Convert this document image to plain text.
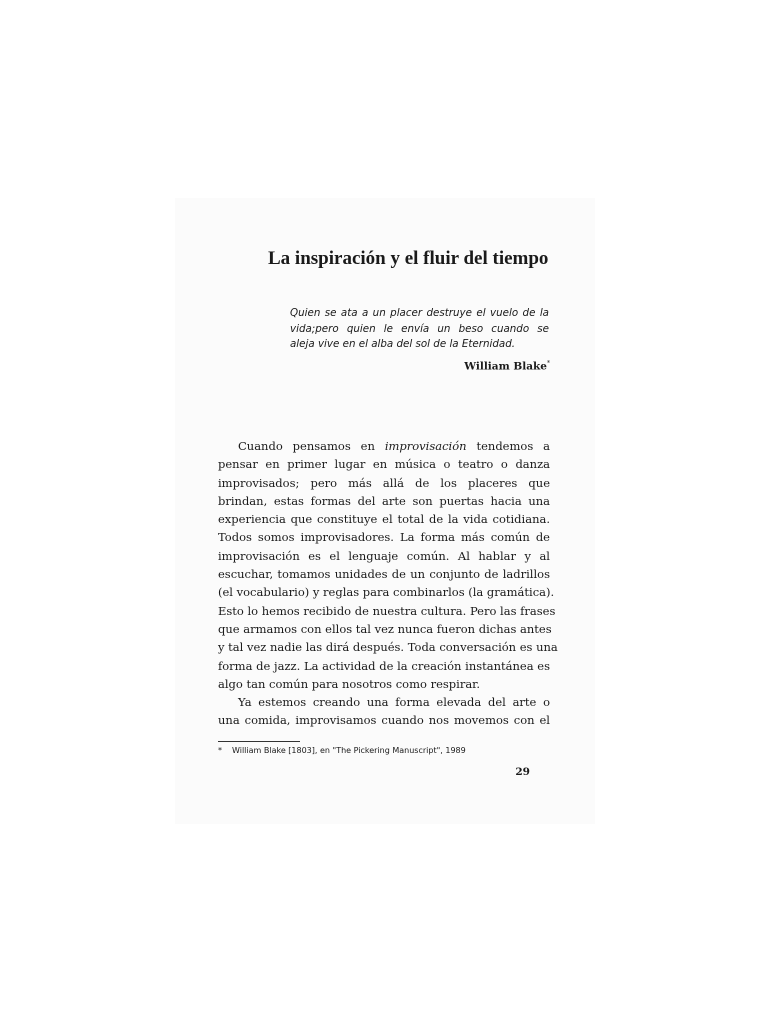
La inspiración y el fluir del tiempo
Quien se ata a un placer destruye el vuelo de la
vida;pero quien le envía un beso cuando se
aleja vive en el alba del sol de la Eternidad.
William Blake*
Cuando pensamos en improvisación tendemos a
pensar en primer lugar en música o teatro o danza
improvisados; pero más allá de los placeres que
brindan, estas formas del arte son puertas hacia una
experiencia que constituye el total de la vida cotidiana.
Todos somos improvisadores. La forma más común de
improvisación es el lenguaje común. Al hablar y al
escuchar, tomamos unidades de un conjunto de ladrillos
(el vocabulario) y reglas para combinarlos (la gramática).
Esto lo hemos recibido de nuestra cultura. Pero las frases
que armamos con ellos tal vez nunca fueron dichas antes
y tal vez nadie las dirá después. Toda conversación es una
forma de jazz. La actividad de la creación instantánea es
algo tan común para nosotros como respirar.
Ya estemos creando una forma elevada del arte o
una comida, improvisamos cuando nos movemos con el

* William Blake [1803], en "The Pickering Manuscript", 1989

29
